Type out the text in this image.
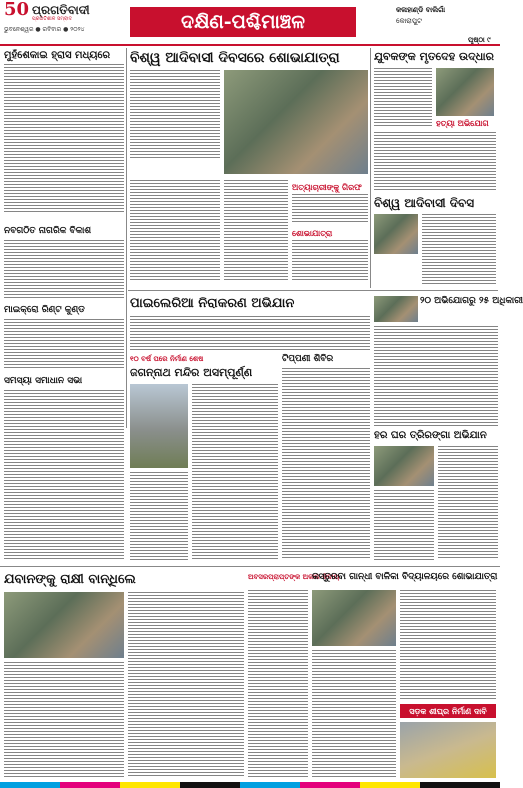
50 ପ୍ରଗତିବାଦୀ
ପ୍ରଗତିଶୀଳ ସମ୍ବାଦ
ଭୁବନେଶ୍ୱର ● ରବିବାର ● ୨୦୨୪	ଦକ୍ଷିଣ-ପଶ୍ଚିମାଞ୍ଚଳ
କଳାହାଣ୍ଡି ବାଲିଗାଁ
କୋରାପୁଟ
ପୃଷ୍ଠା ୯
ମୁହଁଶେକାଇ ହ୍ରାସ ମଧ୍ୟରେ
ନବଗଠିତ ନାଗରିକ ବିକାଶ
ମାଇକ୍ରୋ ରିଣ୍ଟ କୁଣ୍ଡ
ବିଶ୍ୱ ଆଦିବାସୀ ଦିବସରେ ଶୋଭାଯାତ୍ରା
ଅତ୍ୟାଚାରୀଙ୍କୁ ଗିରଫ
ଶୋଭାଯାତ୍ରା
ଯୁବକଙ୍କ ମୃତଦେହ ଉଦ୍ଧାର
ହତ୍ୟା ଅଭିଯୋଗ
ବିଶ୍ୱ ଆଦିବାସୀ ଦିବସ
ପାଇଲେରିଆ ନିରାକରଣ ଅଭିଯାନ	୨୦ ଅଭିଯୋଗରୁ ୨୫ ଅଧିକାରୀ
ସମସ୍ୟା ସମାଧାନ ସଭା
୧୦ ବର୍ଷ ପରେ ନିର୍ମାଣ ଶେଷ
ଜଗନ୍ନାଥ ମନ୍ଦିର ଅସମ୍ପୂର୍ଣ୍ଣ
ଟିପ୍ପଣୀ ଶିବିର
ହର ଘର ତ୍ରିରଙ୍ଗା ଅଭିଯାନ
ଯବାନଙ୍କୁ ରାକ୍ଷୀ ବାନ୍ଧିଲେ	ଅବସରପ୍ରାପ୍ତଙ୍କ ଅକାଳ ବିଦାୟ
କସ୍ତୁରବା ଗାନ୍ଧୀ ବାଳିକା ବିଦ୍ୟାଳୟରେ ଶୋଭାଯାତ୍ରା
ସଡ଼କ ଶୀଘ୍ର ନିର୍ମାଣ ଦାବି
